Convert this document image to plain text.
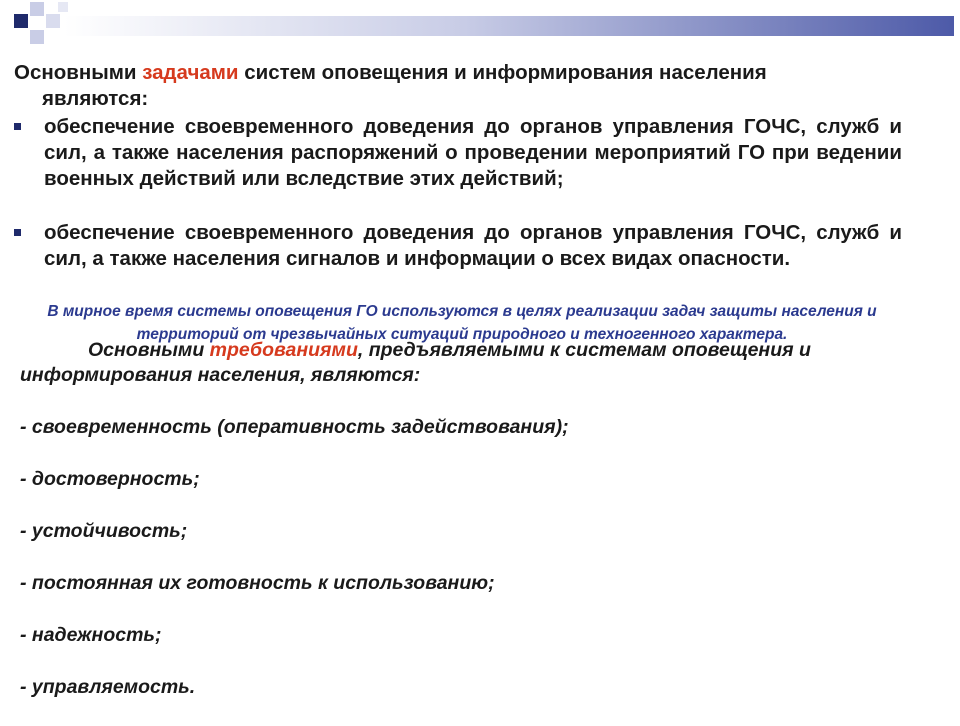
Основными задачами систем оповещения и информирования населения
являются:
обеспечение своевременного доведения до органов управления ГОЧС, служб и сил, а также населения распоряжений о проведении мероприятий ГО при ведении военных действий или вследствие этих действий;
обеспечение своевременного доведения до органов управления ГОЧС, служб и сил, а также населения сигналов и информации о всех видах опасности.
В мирное время системы оповещения ГО используются в целях реализации задач защиты населения и территорий от чрезвычайных ситуаций природного и техногенного характера.
Основными требованиями, предъявляемыми к системам оповещения и
информирования населения, являются:
- своевременность (оперативность задействования);
- достоверность;
- устойчивость;
- постоянная их готовность к использованию;
- надежность;
- управляемость.
